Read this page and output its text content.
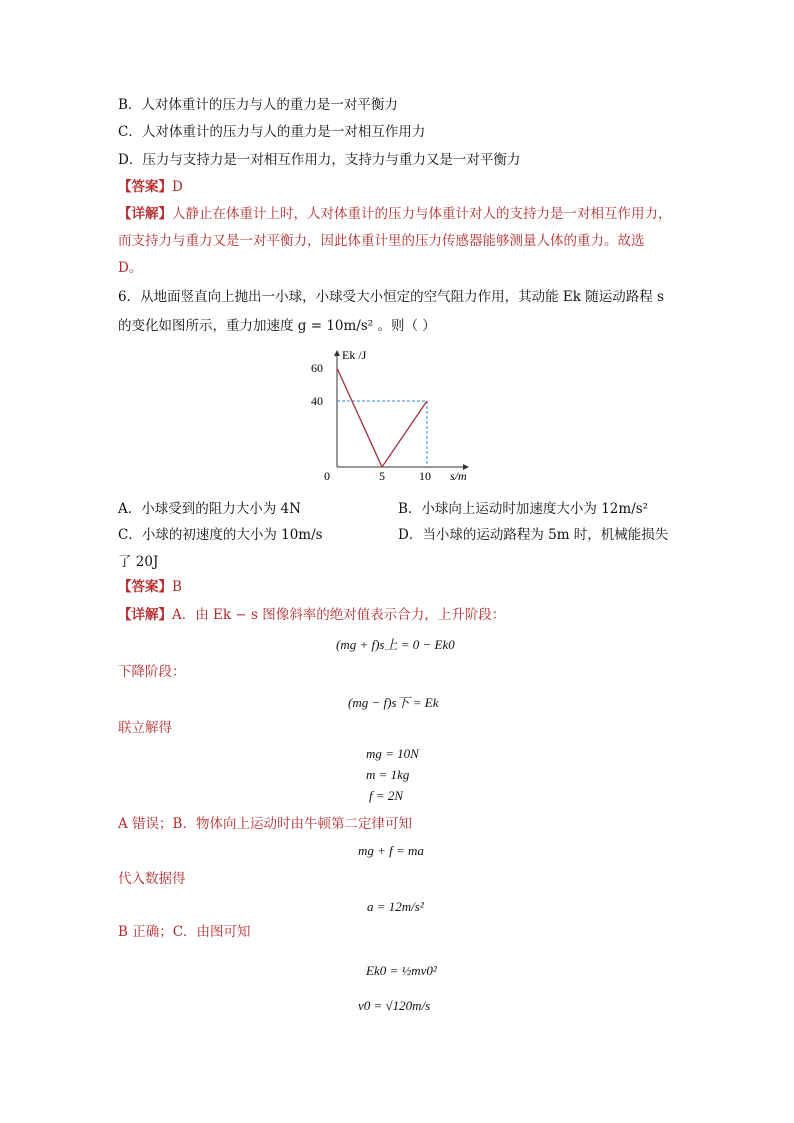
B．人对体重计的压力与人的重力是一对平衡力
C．人对体重计的压力与人的重力是一对相互作用力
D．压力与支持力是一对相互作用力，支持力与重力又是一对平衡力
【答案】D
【详解】人静止在体重计上时，人对体重计的压力与体重计对人的支持力是一对相互作用力，
而支持力与重力又是一对平衡力，因此体重计里的压力传感器能够测量人体的重力。故选
D。
6．从地面竖直向上抛出一小球，小球受大小恒定的空气阻力作用，其动能 Ek 随运动路程 s
的变化如图所示，重力加速度 g = 10m/s² 。则（ ）
Ek /J
60
40
0	5	10 s/m
A．小球受到的阻力大小为 4N	B．小球向上运动时加速度大小为 12m/s²
C．小球的初速度的大小为 10m/s	D．当小球的运动路程为 5m 时，机械能损失
了 20J
【答案】B
【详解】A．由 Ek − s 图像斜率的绝对值表示合力，上升阶段：
(mg + f)s上 = 0 − Ek0
下降阶段：
(mg − f)s下 = Ek
联立解得
mg = 10N
m = 1kg
f = 2N
A 错误；B．物体向上运动时由牛顿第二定律可知
mg + f = ma
代入数据得
a = 12m/s²
B 正确；C．由图可知
Ek0 = ½mv0²
v0 = √120m/s
